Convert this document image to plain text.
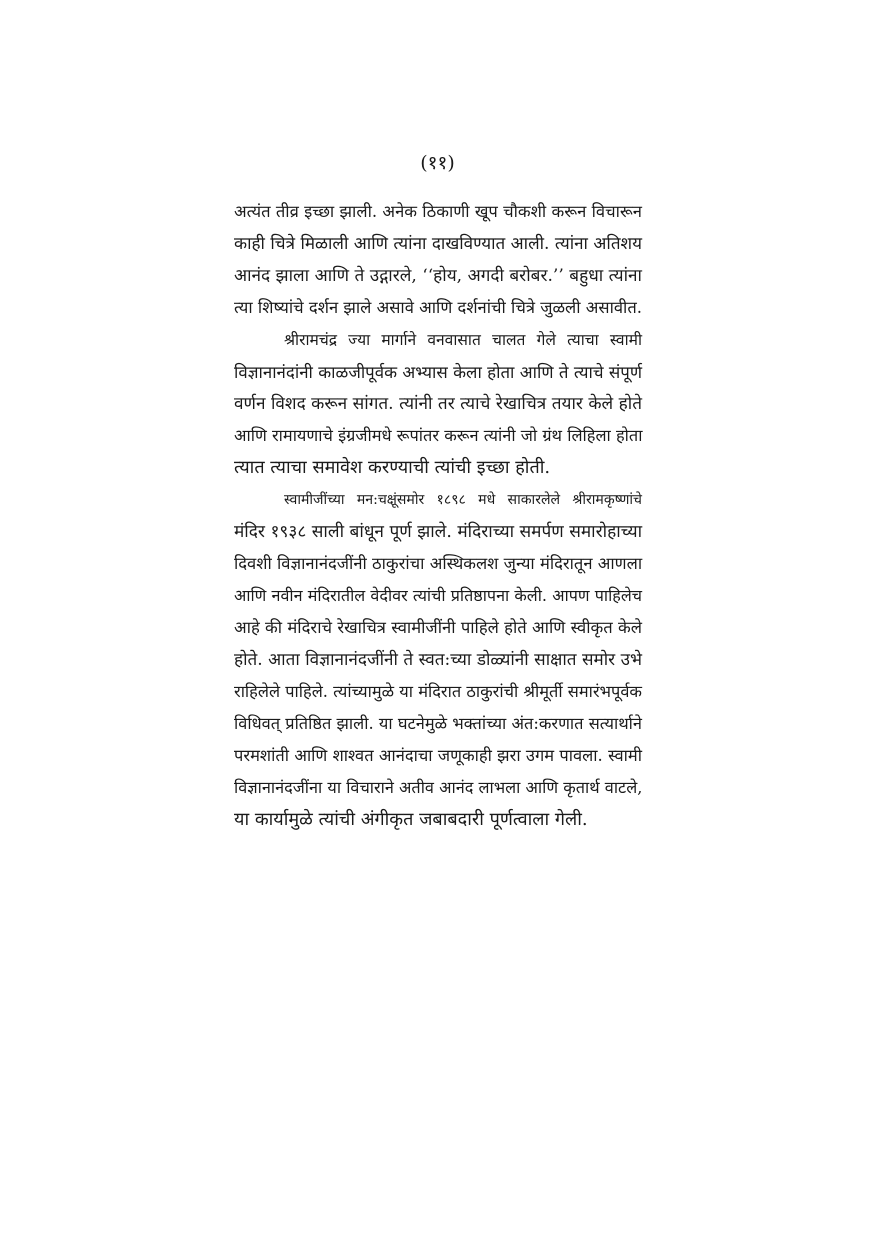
(११)

अत्यंत तीव्र इच्छा झाली. अनेक ठिकाणी खूप चौकशी करून विचारून
काही चित्रे मिळाली आणि त्यांना दाखविण्यात आली. त्यांना अतिशय
आनंद झाला आणि ते उद्गारले, ‘‘होय, अगदी बरोबर.’’ बहुधा त्यांना
त्या शिष्यांचे दर्शन झाले असावे आणि दर्शनांची चित्रे जुळली असावीत.

श्रीरामचंद्र ज्या मार्गाने वनवासात चालत गेले त्याचा स्वामी
विज्ञानानंदांनी काळजीपूर्वक अभ्यास केला होता आणि ते त्याचे संपूर्ण
वर्णन विशद करून सांगत. त्यांनी तर त्याचे रेखाचित्र तयार केले होते
आणि रामायणाचे इंग्रजीमधे रूपांतर करून त्यांनी जो ग्रंथ लिहिला होता
त्यात त्याचा समावेश करण्याची त्यांची इच्छा होती.

स्वामीजींच्या मन:चक्षूंसमोर १८९८ मधे साकारलेले श्रीरामकृष्णांचे
मंदिर १९३८ साली बांधून पूर्ण झाले. मंदिराच्या समर्पण समारोहाच्या
दिवशी विज्ञानानंदजींनी ठाकुरांचा अस्थिकलश जुन्या मंदिरातून आणला
आणि नवीन मंदिरातील वेदीवर त्यांची प्रतिष्ठापना केली. आपण पाहिलेच
आहे की मंदिराचे रेखाचित्र स्वामीजींनी पाहिले होते आणि स्वीकृत केले
होते. आता विज्ञानानंदजींनी ते स्वत:च्या डोळ्यांनी साक्षात समोर उभे
राहिलेले पाहिले. त्यांच्यामुळे या मंदिरात ठाकुरांची श्रीमूर्ती समारंभपूर्वक
विधिवत् प्रतिष्ठित झाली. या घटनेमुळे भक्तांच्या अंत:करणात सत्यार्थाने
परमशांती आणि शाश्वत आनंदाचा जणूकाही झरा उगम पावला. स्वामी
विज्ञानानंदजींना या विचाराने अतीव आनंद लाभला आणि कृतार्थ वाटले,
या कार्यामुळे त्यांची अंगीकृत जबाबदारी पूर्णत्वाला गेली.
